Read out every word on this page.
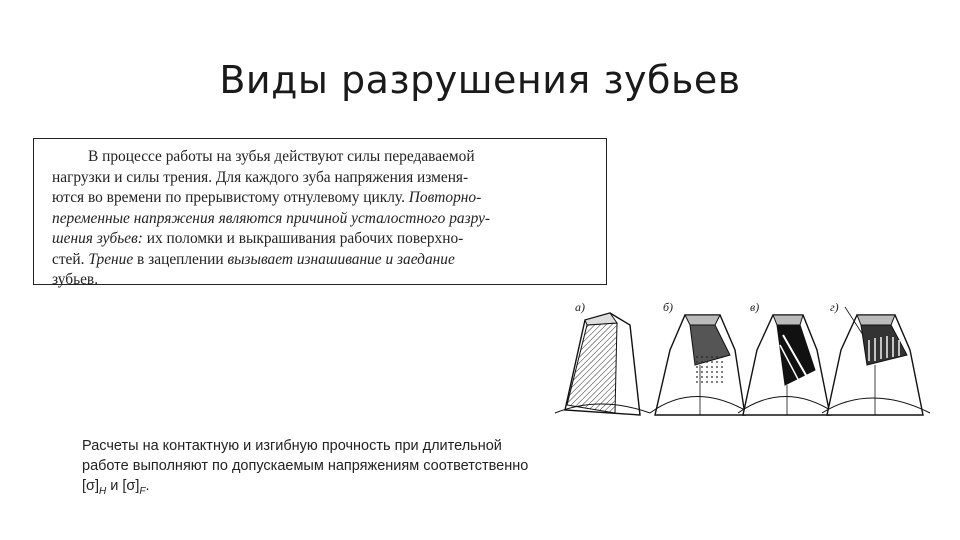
Виды разрушения зубьев
В процессе работы на зубья действуют силы передаваемой
нагрузки и силы трения. Для каждого зуба напряжения изменя-
ются во времени по прерывистому отнулевому циклу. Повторно-
переменные напряжения являются причиной усталостного разру-
шения зубьев: их поломки и выкрашивания рабочих поверхно-
стей. Трение в зацеплении вызывает изнашивание и заедание
зубьев.
а)	б)	в)	г)
Расчеты на контактную и изгибную прочность при длительной
работе выполняют по допускаемым напряжениям соответственно
$[\sigma]_H$ и $[\sigma]_F$.
